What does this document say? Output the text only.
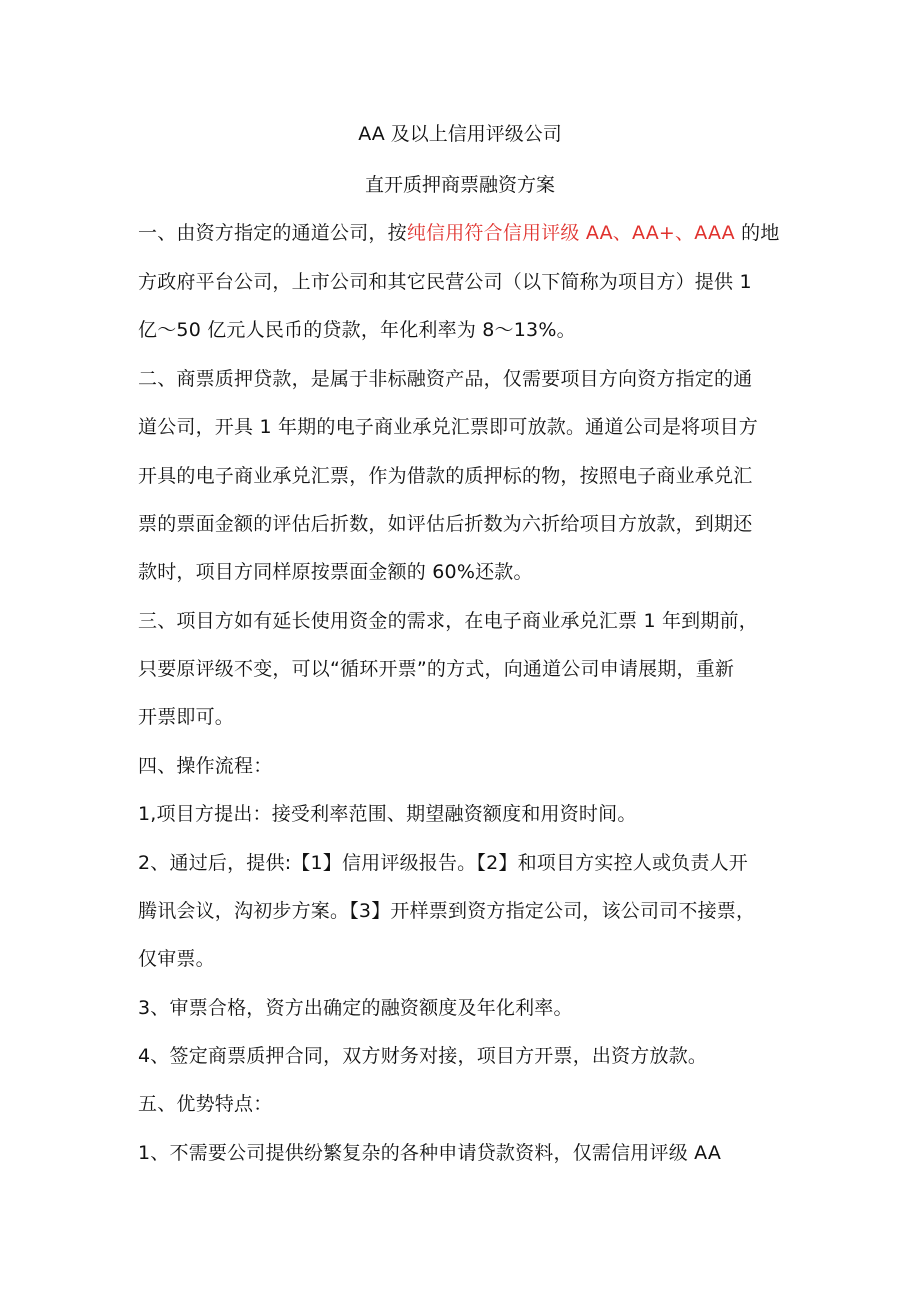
AA 及以上信用评级公司
直开质押商票融资方案
一、由资方指定的通道公司，按纯信用符合信用评级 AA、AA+、AAA 的地
方政府平台公司，上市公司和其它民营公司（以下简称为项目方）提供 1
亿～50 亿元人民币的贷款，年化利率为 8～13%。
二、商票质押贷款，是属于非标融资产品，仅需要项目方向资方指定的通
道公司，开具 1 年期的电子商业承兑汇票即可放款。通道公司是将项目方
开具的电子商业承兑汇票，作为借款的质押标的物，按照电子商业承兑汇
票的票面金额的评估后折数，如评估后折数为六折给项目方放款，到期还
款时，项目方同样原按票面金额的 60%还款。
三、项目方如有延长使用资金的需求，在电子商业承兑汇票 1 年到期前，
只要原评级不变，可以“循环开票”的方式，向通道公司申请展期，重新
开票即可。
四、操作流程：
1,项目方提出：接受利率范围、期望融资额度和用资时间。
2、通过后，提供:【1】信用评级报告。【2】和项目方实控人或负责人开
腾讯会议，沟初步方案。【3】开样票到资方指定公司，该公司司不接票，
仅审票。
3、审票合格，资方出确定的融资额度及年化利率。
4、签定商票质押合同，双方财务对接，项目方开票，出资方放款。
五、优势特点：
1、不需要公司提供纷繁复杂的各种申请贷款资料，仅需信用评级 AA
